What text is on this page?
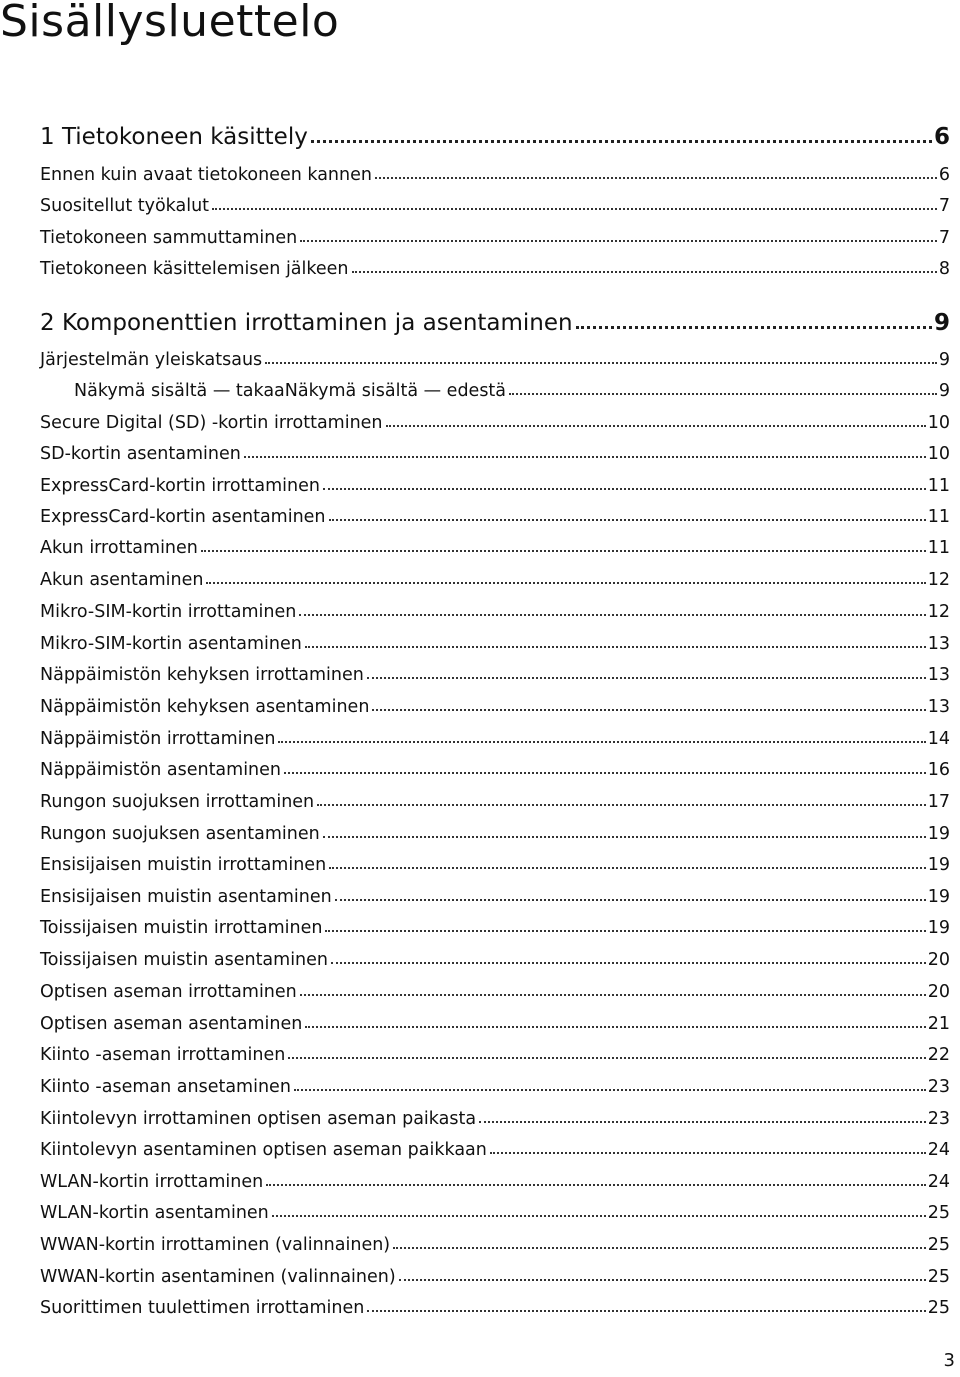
Sisällysluettelo
1 Tietokoneen käsittely	6
Ennen kuin avaat tietokoneen kannen	6
Suositellut työkalut	7
Tietokoneen sammuttaminen	7
Tietokoneen käsittelemisen jälkeen	8
2 Komponenttien irrottaminen ja asentaminen	9
Järjestelmän yleiskatsaus	9
Näkymä sisältä — takaaNäkymä sisältä — edestä	9
Secure Digital (SD) -kortin irrottaminen	10
SD-kortin asentaminen	10
ExpressCard-kortin irrottaminen	11
ExpressCard-kortin asentaminen	11
Akun irrottaminen	11
Akun asentaminen	12
Mikro-SIM-kortin irrottaminen	12
Mikro-SIM-kortin asentaminen	13
Näppäimistön kehyksen irrottaminen	13
Näppäimistön kehyksen asentaminen	13
Näppäimistön irrottaminen	14
Näppäimistön asentaminen	16
Rungon suojuksen irrottaminen	17
Rungon suojuksen asentaminen	19
Ensisijaisen muistin irrottaminen	19
Ensisijaisen muistin asentaminen	19
Toissijaisen muistin irrottaminen	19
Toissijaisen muistin asentaminen	20
Optisen aseman irrottaminen	20
Optisen aseman asentaminen	21
Kiinto -aseman irrottaminen	22
Kiinto -aseman ansetaminen	23
Kiintolevyn irrottaminen optisen aseman paikasta	23
Kiintolevyn asentaminen optisen aseman paikkaan	24
WLAN-kortin irrottaminen	24
WLAN-kortin asentaminen	25
WWAN-kortin irrottaminen (valinnainen)	25
WWAN-kortin asentaminen (valinnainen)	25
Suorittimen tuulettimen irrottaminen	25
3
